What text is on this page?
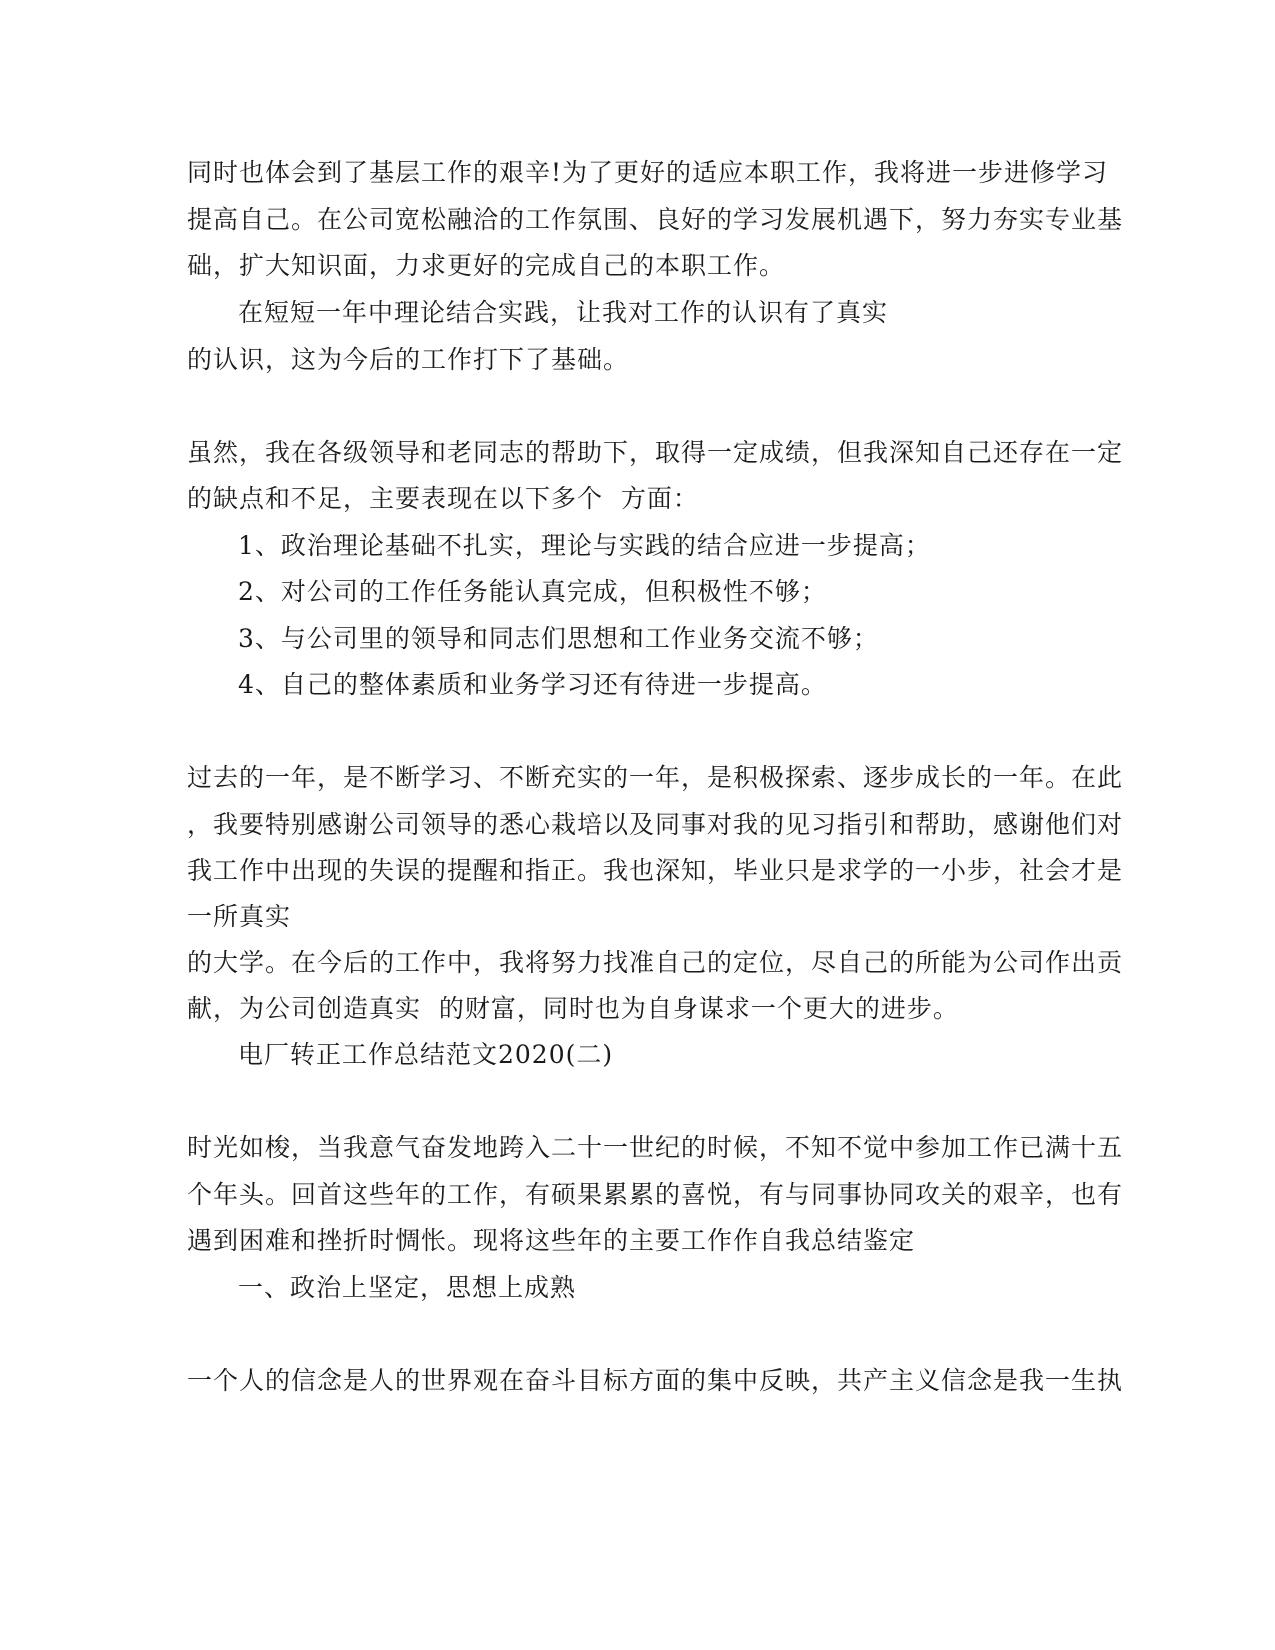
同时也体会到了基层工作的艰辛!为了更好的适应本职工作，我将进一步进修学习
提高自己。在公司宽松融洽的工作氛围、良好的学习发展机遇下，努力夯实专业基
础，扩大知识面，力求更好的完成自己的本职工作。
在短短一年中理论结合实践，让我对工作的认识有了真实
的认识，这为今后的工作打下了基础。
虽然，我在各级领导和老同志的帮助下，取得一定成绩，但我深知自己还存在一定
的缺点和不足，主要表现在以下多个  方面：
1、政治理论基础不扎实，理论与实践的结合应进一步提高；
2、对公司的工作任务能认真完成，但积极性不够；
3、与公司里的领导和同志们思想和工作业务交流不够；
4、自己的整体素质和业务学习还有待进一步提高。
过去的一年，是不断学习、不断充实的一年，是积极探索、逐步成长的一年。在此
，我要特别感谢公司领导的悉心栽培以及同事对我的见习指引和帮助，感谢他们对
我工作中出现的失误的提醒和指正。我也深知，毕业只是求学的一小步，社会才是
一所真实
的大学。在今后的工作中，我将努力找准自己的定位，尽自己的所能为公司作出贡
献，为公司创造真实  的财富，同时也为自身谋求一个更大的进步。
电厂转正工作总结范文2020(二)
时光如梭，当我意气奋发地跨入二十一世纪的时候，不知不觉中参加工作已满十五
个年头。回首这些年的工作，有硕果累累的喜悦，有与同事协同攻关的艰辛，也有
遇到困难和挫折时惆怅。现将这些年的主要工作作自我总结鉴定
一、政治上坚定，思想上成熟
一个人的信念是人的世界观在奋斗目标方面的集中反映，共产主义信念是我一生执
